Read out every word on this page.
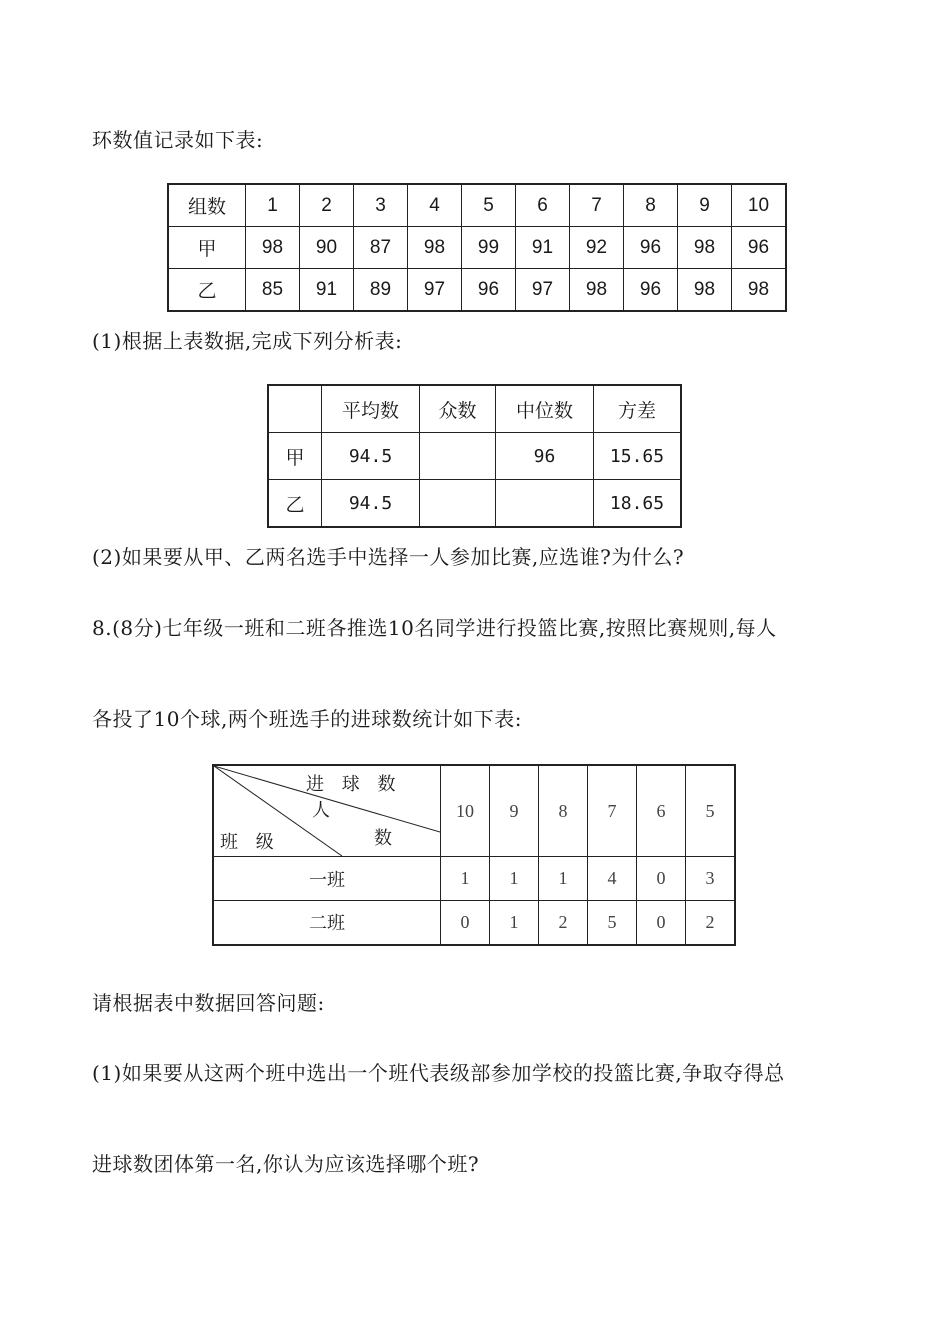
环数值记录如下表:
组数	1	2	3	4	5	6	7	8	9	10
甲	98	90	87	98	99	91	92	96	98	96
乙	85	91	89	97	96	97	98	96	98	98
(1)根据上表数据,完成下列分析表:
	平均数	众数	中位数	方差
甲	94.5		96	15.65
乙	94.5			18.65
(2)如果要从甲、乙两名选手中选择一人参加比赛,应选谁?为什么?
8.(8分)七年级一班和二班各推选10名同学进行投篮比赛,按照比赛规则,每人
各投了10个球,两个班选手的进球数统计如下表:
进 球 数
人
数
班 级	10	9	8	7	6	5
一班	1	1	1	4	0	3
二班	0	1	2	5	0	2
请根据表中数据回答问题:
(1)如果要从这两个班中选出一个班代表级部参加学校的投篮比赛,争取夺得总
进球数团体第一名,你认为应该选择哪个班?
